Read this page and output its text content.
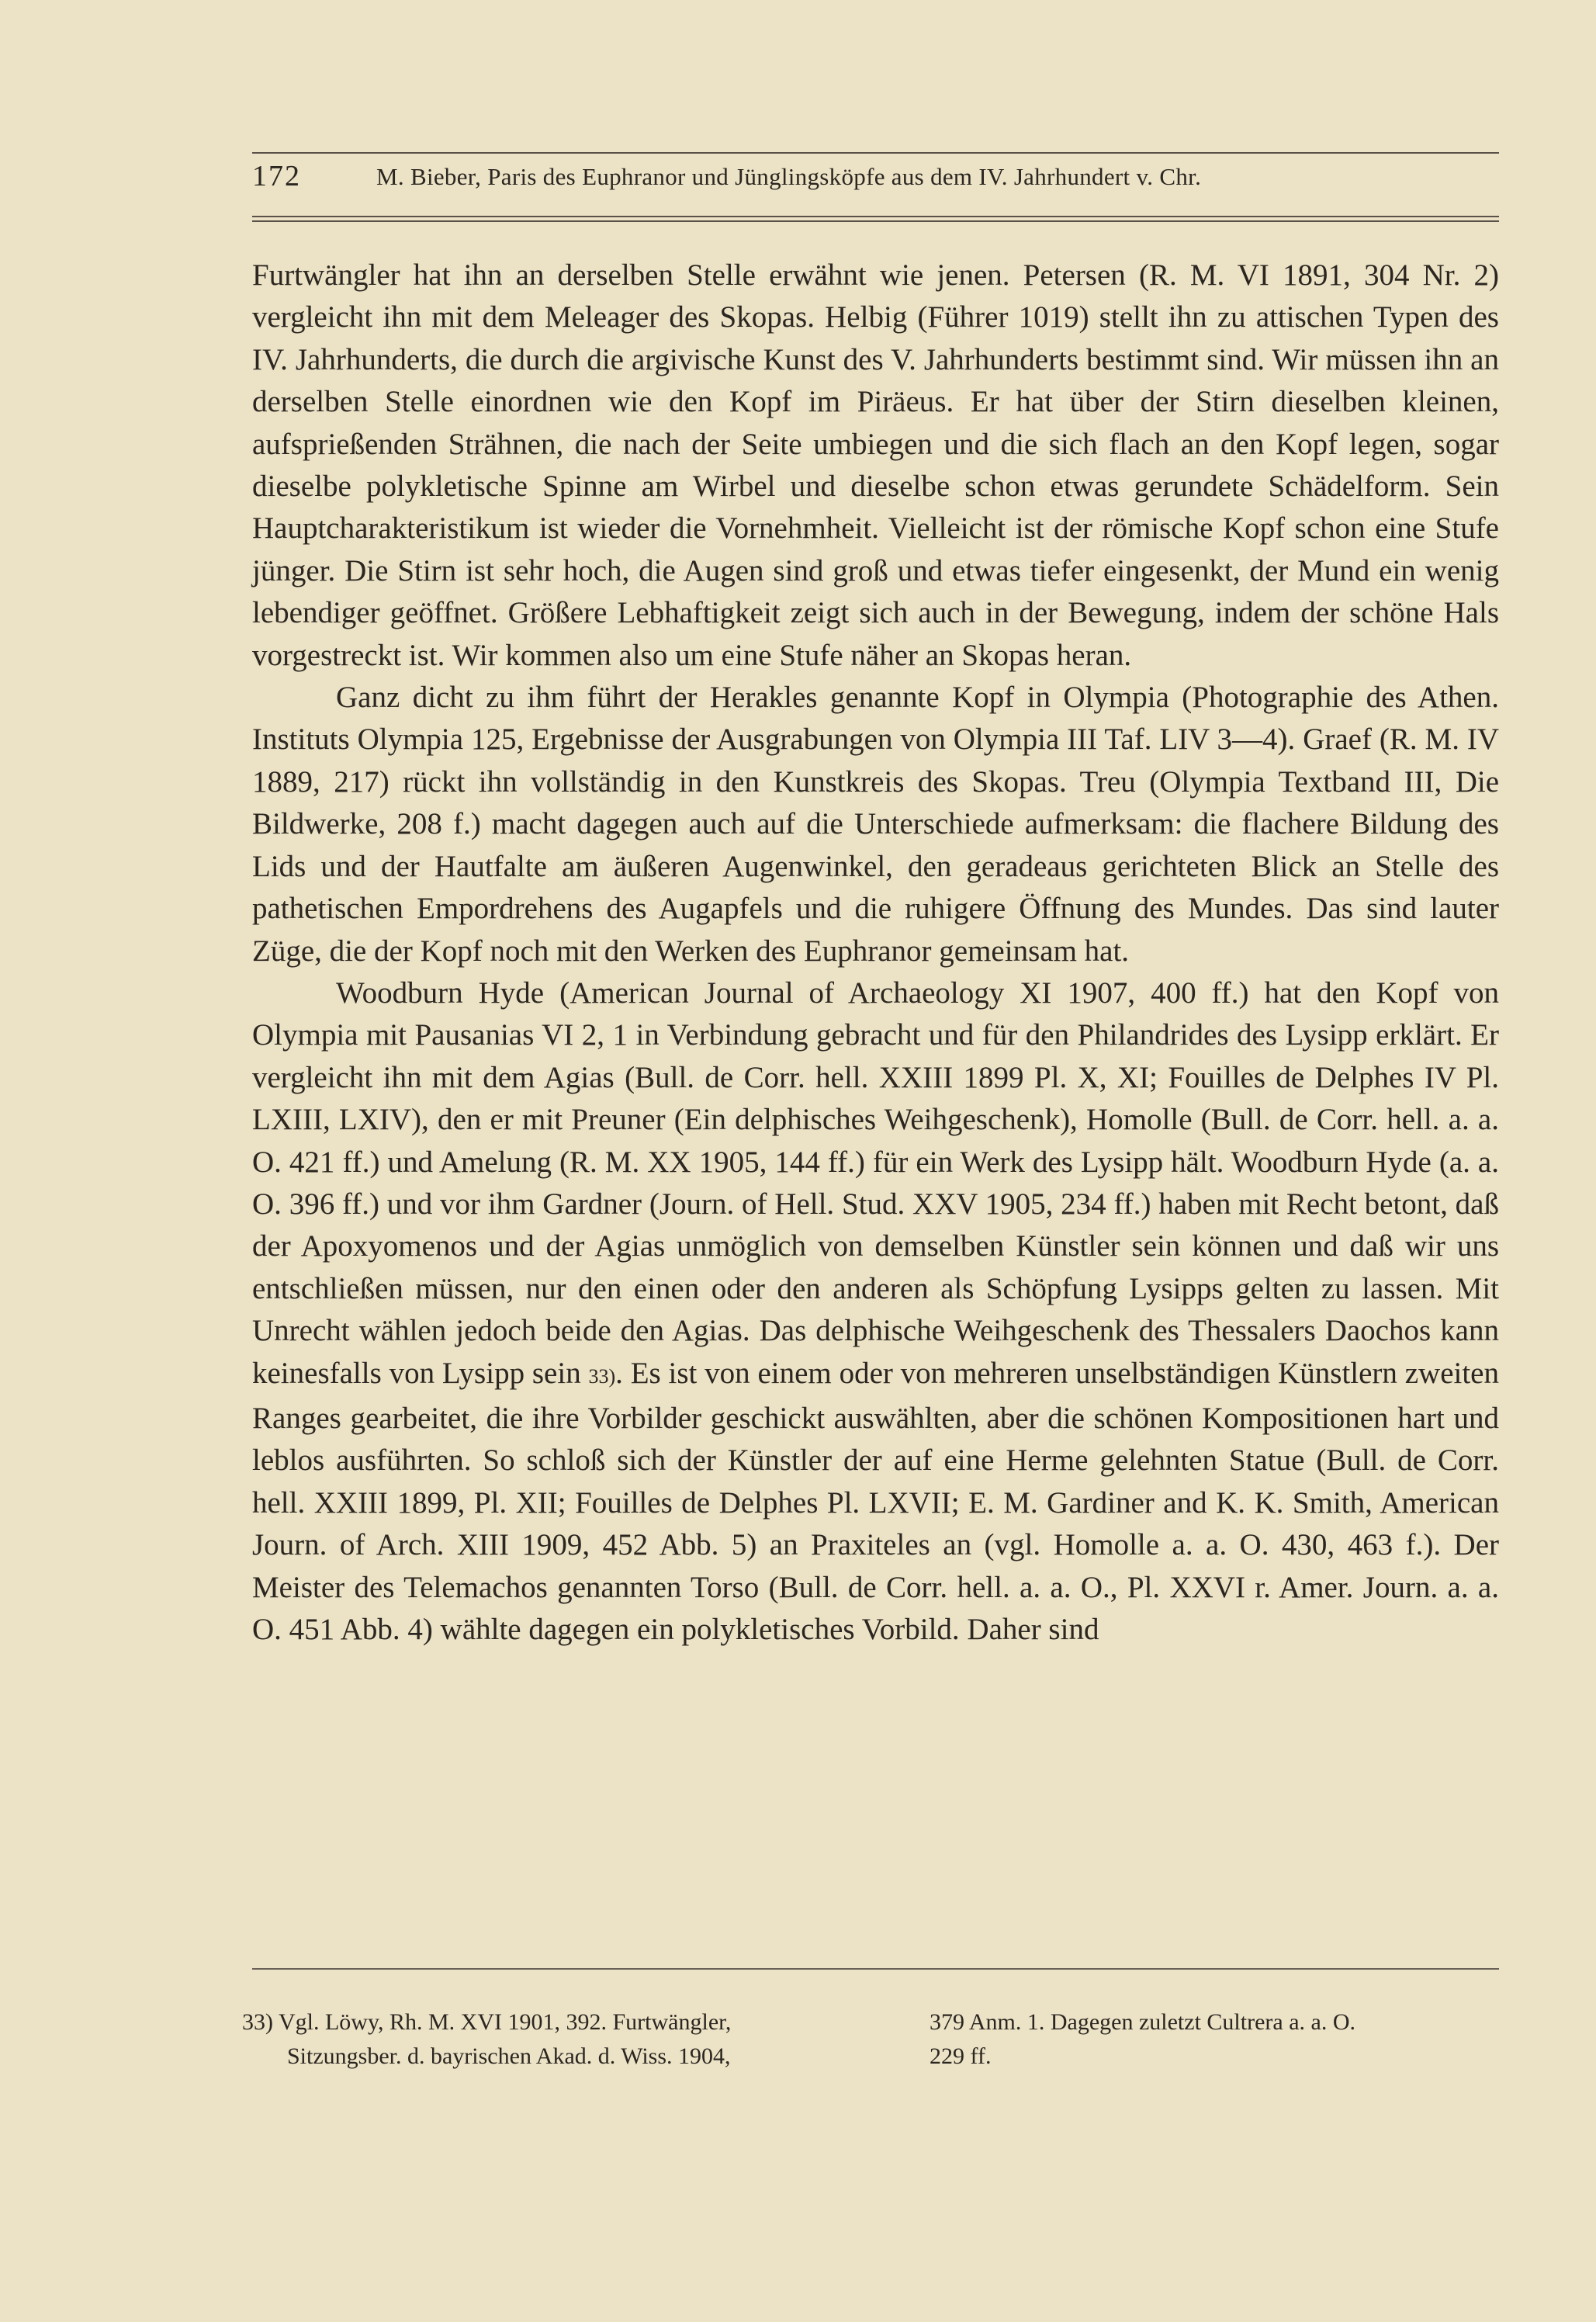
172	M. Bieber, Paris des Euphranor und Jünglingsköpfe aus dem IV. Jahrhundert v. Chr.

Furtwängler hat ihn an derselben Stelle erwähnt wie jenen. Petersen (R. M. VI 1891, 304 Nr. 2) vergleicht ihn mit dem Meleager des Skopas. Helbig (Führer 1019) stellt ihn zu attischen Typen des IV. Jahrhunderts, die durch die argivische Kunst des V. Jahrhunderts bestimmt sind. Wir müssen ihn an derselben Stelle einordnen wie den Kopf im Piräeus. Er hat über der Stirn dieselben kleinen, aufsprießenden Strähnen, die nach der Seite umbiegen und die sich flach an den Kopf legen, sogar dieselbe polykletische Spinne am Wirbel und dieselbe schon etwas gerundete Schädelform. Sein Hauptcharakteristikum ist wieder die Vornehmheit. Vielleicht ist der römische Kopf schon eine Stufe jünger. Die Stirn ist sehr hoch, die Augen sind groß und etwas tiefer eingesenkt, der Mund ein wenig lebendiger geöffnet. Größere Lebhaftigkeit zeigt sich auch in der Bewegung, indem der schöne Hals vorgestreckt ist. Wir kommen also um eine Stufe näher an Skopas heran.

Ganz dicht zu ihm führt der Herakles genannte Kopf in Olympia (Photographie des Athen. Instituts Olympia 125, Ergebnisse der Ausgrabungen von Olympia III Taf. LIV 3—4). Graef (R. M. IV 1889, 217) rückt ihn vollständig in den Kunstkreis des Skopas. Treu (Olympia Textband III, Die Bildwerke, 208 f.) macht dagegen auch auf die Unterschiede aufmerksam: die flachere Bildung des Lids und der Hautfalte am äußeren Augenwinkel, den geradeaus gerichteten Blick an Stelle des pathetischen Empordrehens des Augapfels und die ruhigere Öffnung des Mundes. Das sind lauter Züge, die der Kopf noch mit den Werken des Euphranor gemeinsam hat.

Woodburn Hyde (American Journal of Archaeology XI 1907, 400 ff.) hat den Kopf von Olympia mit Pausanias VI 2, 1 in Verbindung gebracht und für den Philandrides des Lysipp erklärt. Er vergleicht ihn mit dem Agias (Bull. de Corr. hell. XXIII 1899 Pl. X, XI; Fouilles de Delphes IV Pl. LXIII, LXIV), den er mit Preuner (Ein delphisches Weihgeschenk), Homolle (Bull. de Corr. hell. a. a. O. 421 ff.) und Amelung (R. M. XX 1905, 144 ff.) für ein Werk des Lysipp hält. Woodburn Hyde (a. a. O. 396 ff.) und vor ihm Gardner (Journ. of Hell. Stud. XXV 1905, 234 ff.) haben mit Recht betont, daß der Apoxyomenos und der Agias unmöglich von demselben Künstler sein können und daß wir uns entschließen müssen, nur den einen oder den anderen als Schöpfung Lysipps gelten zu lassen. Mit Unrecht wählen jedoch beide den Agias. Das delphische Weihgeschenk des Thessalers Daochos kann keinesfalls von Lysipp sein 33). Es ist von einem oder von mehreren unselbständigen Künstlern zweiten Ranges gearbeitet, die ihre Vorbilder geschickt auswählten, aber die schönen Kompositionen hart und leblos ausführten. So schloß sich der Künstler der auf eine Herme gelehnten Statue (Bull. de Corr. hell. XXIII 1899, Pl. XII; Fouilles de Delphes Pl. LXVII; E. M. Gardiner and K. K. Smith, American Journ. of Arch. XIII 1909, 452 Abb. 5) an Praxiteles an (vgl. Homolle a. a. O. 430, 463 f.). Der Meister des Telemachos genannten Torso (Bull. de Corr. hell. a. a. O., Pl. XXVI r. Amer. Journ. a. a. O. 451 Abb. 4) wählte dagegen ein polykletisches Vorbild. Daher sind

33) Vgl. Löwy, Rh. M. XVI 1901, 392. Furtwängler,

Sitzungsber. d. bayrischen Akad. d. Wiss. 1904,

379 Anm. 1. Dagegen zuletzt Cultrera a. a. O.

229 ff.
